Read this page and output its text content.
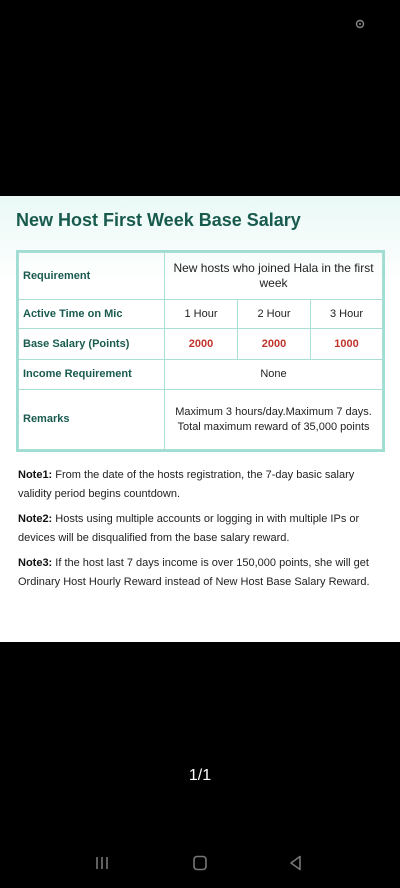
New Host First Week Base Salary
Requirement	New hosts who joined Hala in the first week		
Active Time on Mic	1 Hour	2 Hour	3 Hour
Base Salary (Points)	2000	2000	1000
Income Requirement	None		
Remarks	Maximum 3 hours/day.Maximum 7 days. Total maximum reward of 35,000 points		
Note1: From the date of the hosts registration, the 7-day basic salary validity period begins countdown.
Note2: Hosts using multiple accounts or logging in with multiple IPs or devices will be disqualified from the base salary reward.
Note3: If the host last 7 days income is over 150,000 points, she will get Ordinary Host Hourly Reward instead of New Host Base Salary Reward.
1/1
